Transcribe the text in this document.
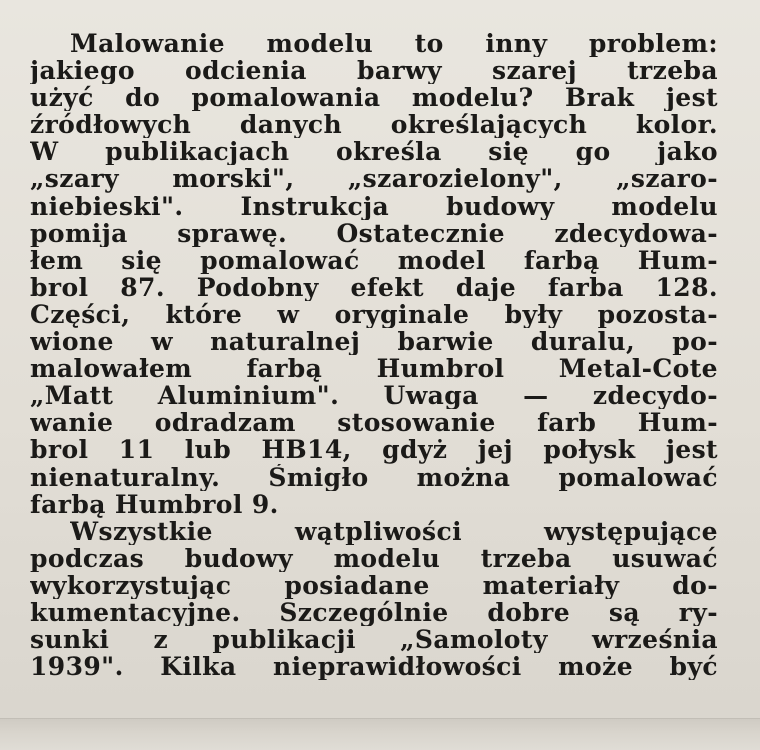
Malowanie modelu to inny problem:
jakiego odcienia barwy szarej trzeba
użyć do pomalowania modelu? Brak jest
źródłowych danych określających kolor.
W publikacjach określa się go jako
„szary morski", „szarozielony", „szaro-
niebieski". Instrukcja budowy modelu
pomija sprawę. Ostatecznie zdecydowa-
łem się pomalować model farbą Hum-
brol 87. Podobny efekt daje farba 128.
Części, które w oryginale były pozosta-
wione w naturalnej barwie duralu, po-
malowałem farbą Humbrol Metal-Cote
„Matt Aluminium". Uwaga — zdecydo-
wanie odradzam stosowanie farb Hum-
brol 11 lub HB14, gdyż jej połysk jest
nienaturalny. Śmigło można pomalować
farbą Humbrol 9.
Wszystkie wątpliwości występujące
podczas budowy modelu trzeba usuwać
wykorzystując posiadane materiały do-
kumentacyjne. Szczególnie dobre są ry-
sunki z publikacji „Samoloty września
1939". Kilka nieprawidłowości może być
